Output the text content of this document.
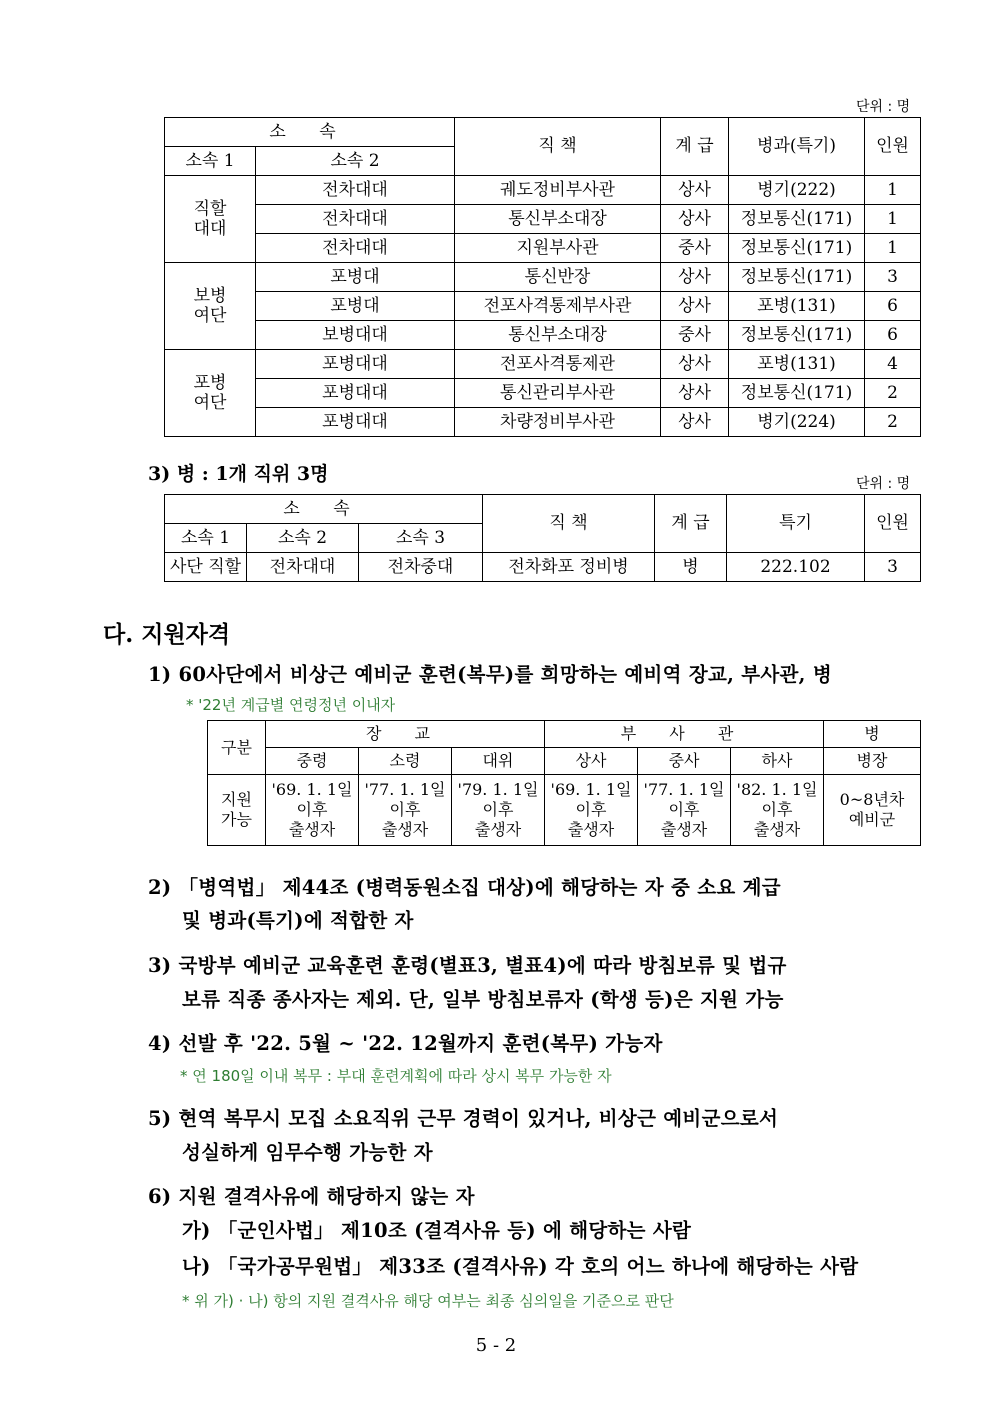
단위 : 명
소 속		직 책	계 급	병과(특기)	인원
소속 1	소속 2				

직할
대대	전차대대	궤도정비부사관	상사	병기(222)	1
	전차대대	통신부소대장	상사	정보통신(171)	1
	전차대대	지원부사관	중사	정보통신(171)	1

보병
여단	포병대	통신반장	상사	정보통신(171)	3
	포병대	전포사격통제부사관	상사	포병(131)	6
	보병대대	통신부소대장	중사	정보통신(171)	6

포병
여단	포병대대	전포사격통제관	상사	포병(131)	4
	포병대대	통신관리부사관	상사	정보통신(171)	2
	포병대대	차량정비부사관	상사	병기(224)	2
3) 병 : 1개 직위 3명	단위 : 명
소 속			직 책	계 급	특기	인원
소속 1	소속 2	소속 3				
사단 직할	전차대대	전차중대	전차화포 정비병	병	222.102	3
다. 지원자격
1) 60사단에서 비상근 예비군 훈련(복무)를 희망하는 예비역 장교, 부사관, 병
* '22년 계급별 연령정년 이내자
구분	장 교			부 사 관			병
	중령	소령	대위	상사	중사	하사	병장

지원
가능	'69. 1. 1일
이후
출생자	'77. 1. 1일
이후
출생자	'79. 1. 1일
이후
출생자	'69. 1. 1일
이후
출생자	'77. 1. 1일
이후
출생자	'82. 1. 1일
이후
출생자	0~8년차
예비군
2) 「병역법」 제44조 (병력동원소집 대상)에 해당하는 자 중 소요 계급
및 병과(특기)에 적합한 자
3) 국방부 예비군 교육훈련 훈령(별표3, 별표4)에 따라 방침보류 및 법규
보류 직종 종사자는 제외. 단, 일부 방침보류자 (학생 등)은 지원 가능
4) 선발 후 '22. 5월 ~ '22. 12월까지 훈련(복무) 가능자
* 연 180일 이내 복무 : 부대 훈련계획에 따라 상시 복무 가능한 자
5) 현역 복무시 모집 소요직위 근무 경력이 있거나, 비상근 예비군으로서
성실하게 임무수행 가능한 자
6) 지원 결격사유에 해당하지 않는 자
가) 「군인사법」 제10조 (결격사유 등) 에 해당하는 사람
나) 「국가공무원법」 제33조 (결격사유) 각 호의 어느 하나에 해당하는 사람
* 위 가) · 나) 항의 지원 결격사유 해당 여부는 최종 심의일을 기준으로 판단
5 - 2
